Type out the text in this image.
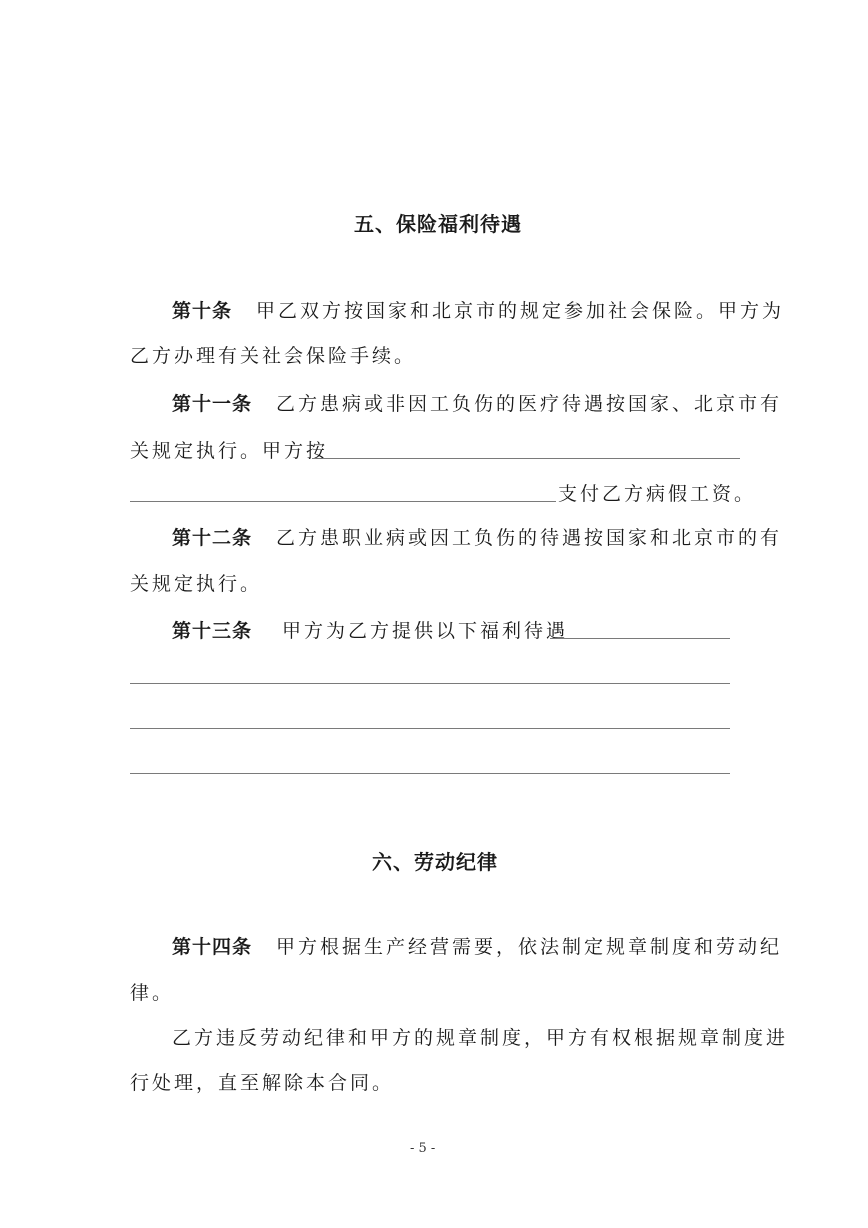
五、保险福利待遇
第十条 甲乙双方按国家和北京市的规定参加社会保险。甲方为
乙方办理有关社会保险手续。
第十一条 乙方患病或非因工负伤的医疗待遇按国家、北京市有
关规定执行。甲方按
支付乙方病假工资。
第十二条 乙方患职业病或因工负伤的待遇按国家和北京市的有
关规定执行。
第十三条 甲方为乙方提供以下福利待遇
六、劳动纪律
第十四条 甲方根据生产经营需要，依法制定规章制度和劳动纪
律。
乙方违反劳动纪律和甲方的规章制度，甲方有权根据规章制度进
行处理，直至解除本合同。
- 5 -
